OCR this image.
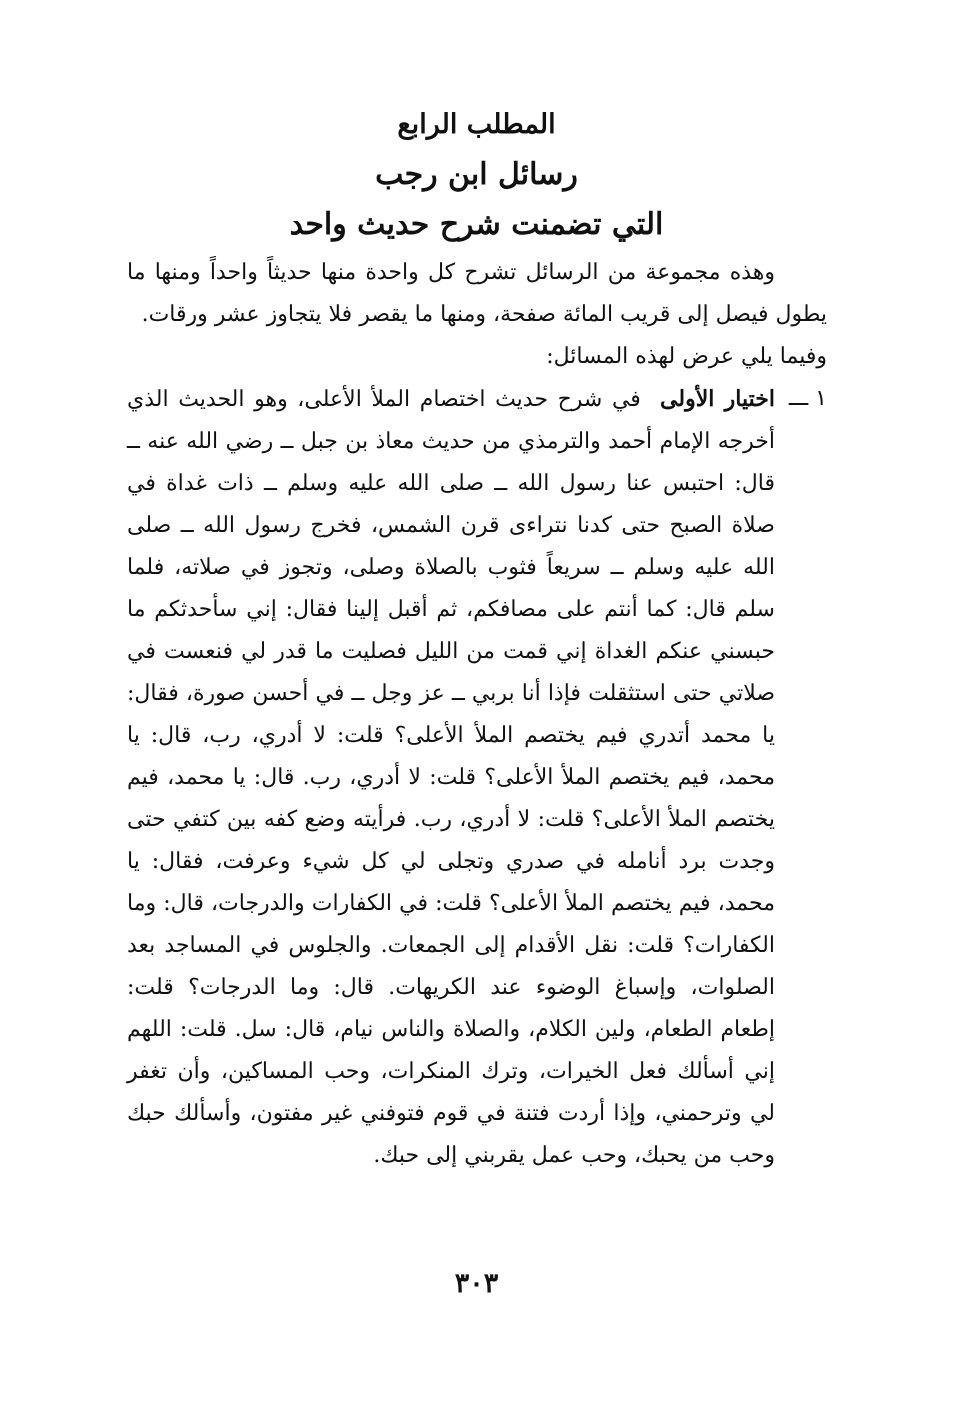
المطلب الرابع
رسائل ابن رجب
التي تضمنت شرح حديث واحد

وهذه مجموعة من الرسائل تشرح كل واحدة منها حديثاً واحداً ومنها ما يطول فيصل إلى قريب المائة صفحة، ومنها ما يقصر فلا يتجاوز عشر ورقات.

وفيما يلي عرض لهذه المسائل:

١ ـــ
اختيار الأولى  في شرح حديث اختصام الملأ الأعلى، وهو الحديث الذي أخرجه الإمام أحمد والترمذي من حديث معاذ بن جبل ــ رضي الله عنه ــ قال: احتبس عنا رسول الله ــ صلى الله عليه وسلم ــ ذات غداة في صلاة الصبح حتى كدنا نتراءى قرن الشمس، فخرج رسول الله ــ صلى الله عليه وسلم ــ سريعاً فثوب بالصلاة وصلى، وتجوز في صلاته، فلما سلم قال: كما أنتم على مصافكم، ثم أقبل إلينا فقال: إني سأحدثكم ما حبسني عنكم الغداة إني قمت من الليل فصليت ما قدر لي فنعست في صلاتي حتى استثقلت فإذا أنا بربي ــ عز وجل ــ في أحسن صورة، فقال: يا محمد أتدري فيم يختصم الملأ الأعلى؟ قلت: لا أدري، رب، قال: يا محمد، فيم يختصم الملأ الأعلى؟ قلت: لا أدري، رب. قال: يا محمد، فيم يختصم الملأ الأعلى؟ قلت: لا أدري، رب. فرأيته وضع كفه بين كتفي حتى وجدت برد أنامله في صدري وتجلى لي كل شيء وعرفت، فقال: يا محمد، فيم يختصم الملأ الأعلى؟ قلت: في الكفارات والدرجات، قال: وما الكفارات؟ قلت: نقل الأقدام إلى الجمعات. والجلوس في المساجد بعد الصلوات، وإسباغ الوضوء عند الكريهات. قال: وما الدرجات؟ قلت: إطعام الطعام، ولين الكلام، والصلاة والناس نيام، قال: سل. قلت: اللهم إني أسألك فعل الخيرات، وترك المنكرات، وحب المساكين، وأن تغفر لي وترحمني، وإذا أردت فتنة في قوم فتوفني غير مفتون، وأسألك حبك وحب من يحبك، وحب عمل يقربني إلى حبك.
٣٠٣
